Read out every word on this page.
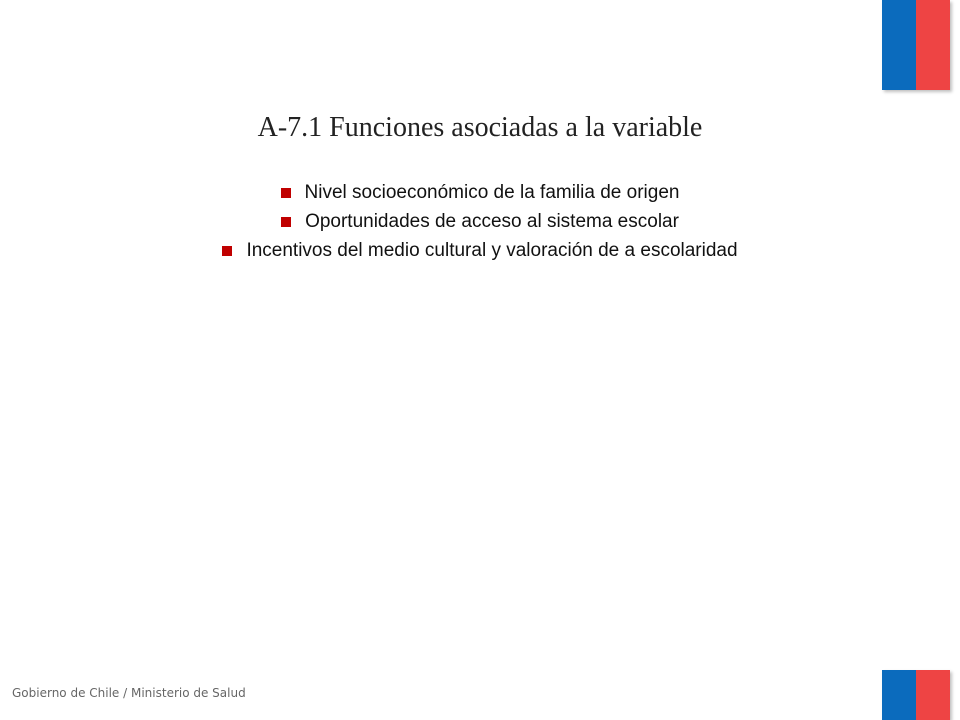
A-7.1 Funciones asociadas a la variable
Nivel socioeconómico de la familia de origen
Oportunidades de acceso al sistema escolar
Incentivos del medio cultural y valoración de a escolaridad
Gobierno de Chile / Ministerio de Salud
